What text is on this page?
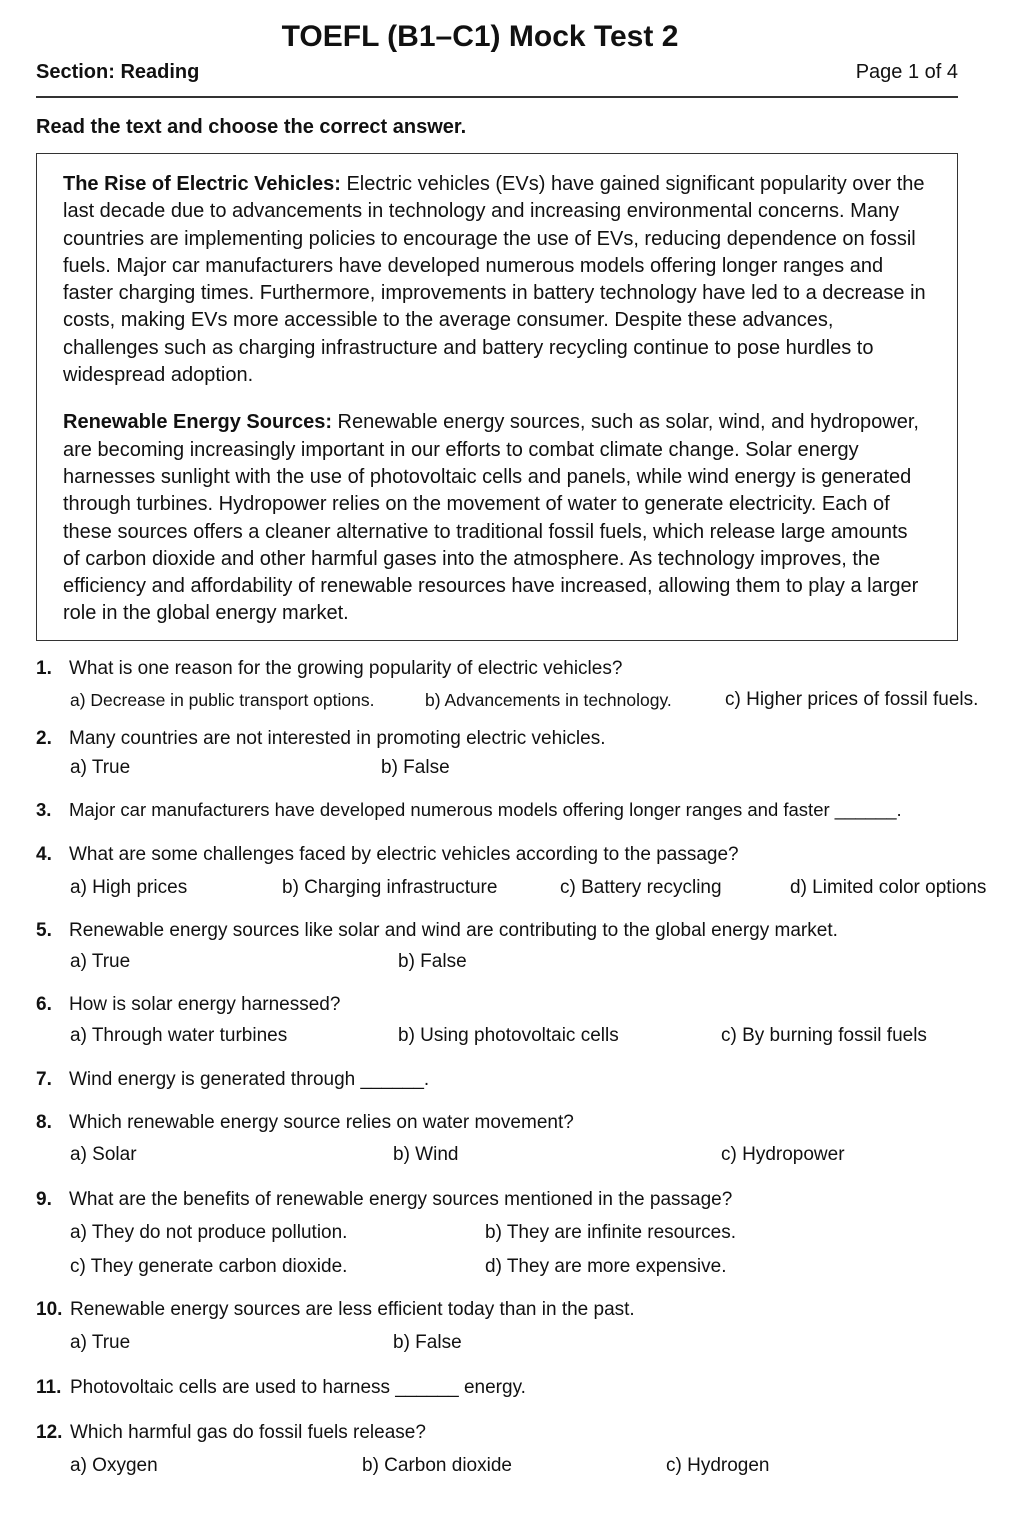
TOEFL (B1–C1) Mock Test 2
Section: Reading	Page 1 of 4
Read the text and choose the correct answer.

The Rise of Electric Vehicles: Electric vehicles (EVs) have gained significant popularity over the last decade due to advancements in technology and increasing environmental concerns. Many countries are implementing policies to encourage the use of EVs, reducing dependence on fossil fuels. Major car manufacturers have developed numerous models offering longer ranges and faster charging times. Furthermore, improvements in battery technology have led to a decrease in costs, making EVs more accessible to the average consumer. Despite these advances, challenges such as charging infrastructure and battery recycling continue to pose hurdles to widespread adoption.

Renewable Energy Sources: Renewable energy sources, such as solar, wind, and hydropower, are becoming increasingly important in our efforts to combat climate change. Solar energy harnesses sunlight with the use of photovoltaic cells and panels, while wind energy is generated through turbines. Hydropower relies on the movement of water to generate electricity. Each of these sources offers a cleaner alternative to traditional fossil fuels, which release large amounts of carbon dioxide and other harmful gases into the atmosphere. As technology improves, the efficiency and affordability of renewable resources have increased, allowing them to play a larger role in the global energy market.

1. What is one reason for the growing popularity of electric vehicles?
a) Decrease in public transport options.	b) Advancements in technology.	c) Higher prices of fossil fuels.
2. Many countries are not interested in promoting electric vehicles.
a) True	b) False
3. Major car manufacturers have developed numerous models offering longer ranges and faster ______.
4. What are some challenges faced by electric vehicles according to the passage?
a) High prices	b) Charging infrastructure	c) Battery recycling	d) Limited color options
5. Renewable energy sources like solar and wind are contributing to the global energy market.
a) True	b) False
6. How is solar energy harnessed?
a) Through water turbines	b) Using photovoltaic cells	c) By burning fossil fuels
7. Wind energy is generated through ______.
8. Which renewable energy source relies on water movement?
a) Solar	b) Wind	c) Hydropower
9. What are the benefits of renewable energy sources mentioned in the passage?
a) They do not produce pollution.	b) They are infinite resources.
c) They generate carbon dioxide.	d) They are more expensive.
10. Renewable energy sources are less efficient today than in the past.
a) True	b) False
11. Photovoltaic cells are used to harness ______ energy.
12. Which harmful gas do fossil fuels release?
a) Oxygen	b) Carbon dioxide	c) Hydrogen
